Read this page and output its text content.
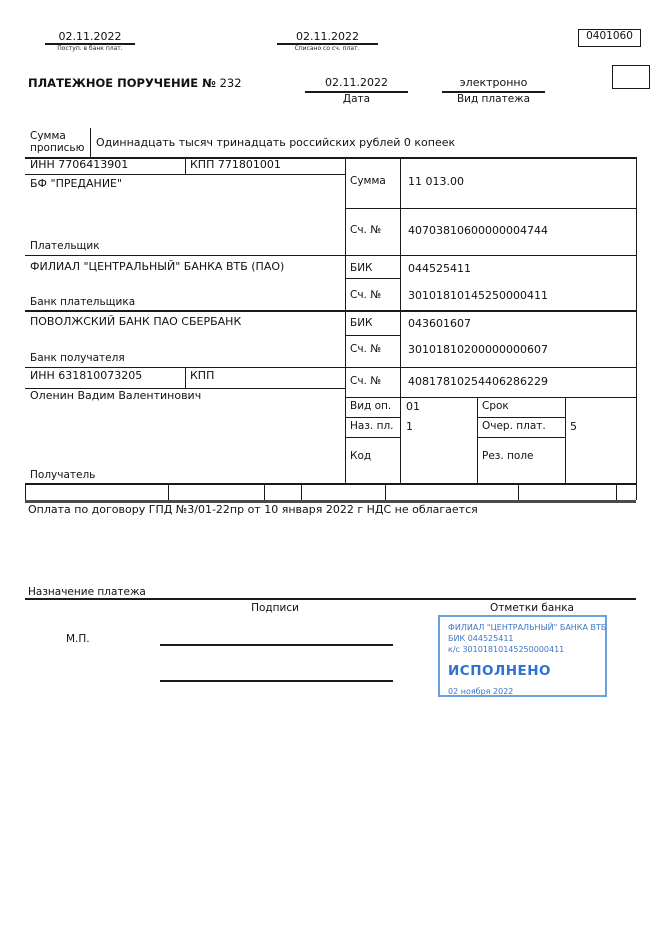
02.11.2022
Поступ. в банк плат.
02.11.2022
Списано со сч. плат.
0401060
ПЛАТЕЖНОЕ ПОРУЧЕНИЕ № 232	02.11.2022
Дата
электронно
Вид платежа
Сумма прописью	Одиннадцать тысяч тринадцать российских рублей 0 копеек
ИНН 7706413901	КПП 771801001
БФ "ПРЕДАНИЕ"
Плательщик
Сумма 11 013.00
Сч. № 40703810600000004744
ФИЛИАЛ "ЦЕНТРАЛЬНЫЙ" БАНКА ВТБ (ПАО)	БИК	044525411
Сч. № 30101810145250000411
Банк плательщика
ПОВОЛЖСКИЙ БАНК ПАО СБЕРБАНК	БИК	043601607
Сч. № 30101810200000000607
Банк получателя
ИНН 631810073205	КПП
Оленин Вадим Валентинович
Сч. № 40817810254406286229
Вид оп. 01	Срок
Наз. пл. 1	Очер. плат. 5
Код	Рез. поле
Получатель
Оплата по договору ГПД №3/01-22пр от 10 января 2022 г НДС не облагается
Назначение платежа
Подписи	Отметки банка
М.П.

ФИЛИАЛ "ЦЕНТРАЛЬНЫЙ" БАНКА ВТБ

БИК 044525411

к/с 30101810145250000411

ИСПОЛНЕНО

02 ноября 2022
